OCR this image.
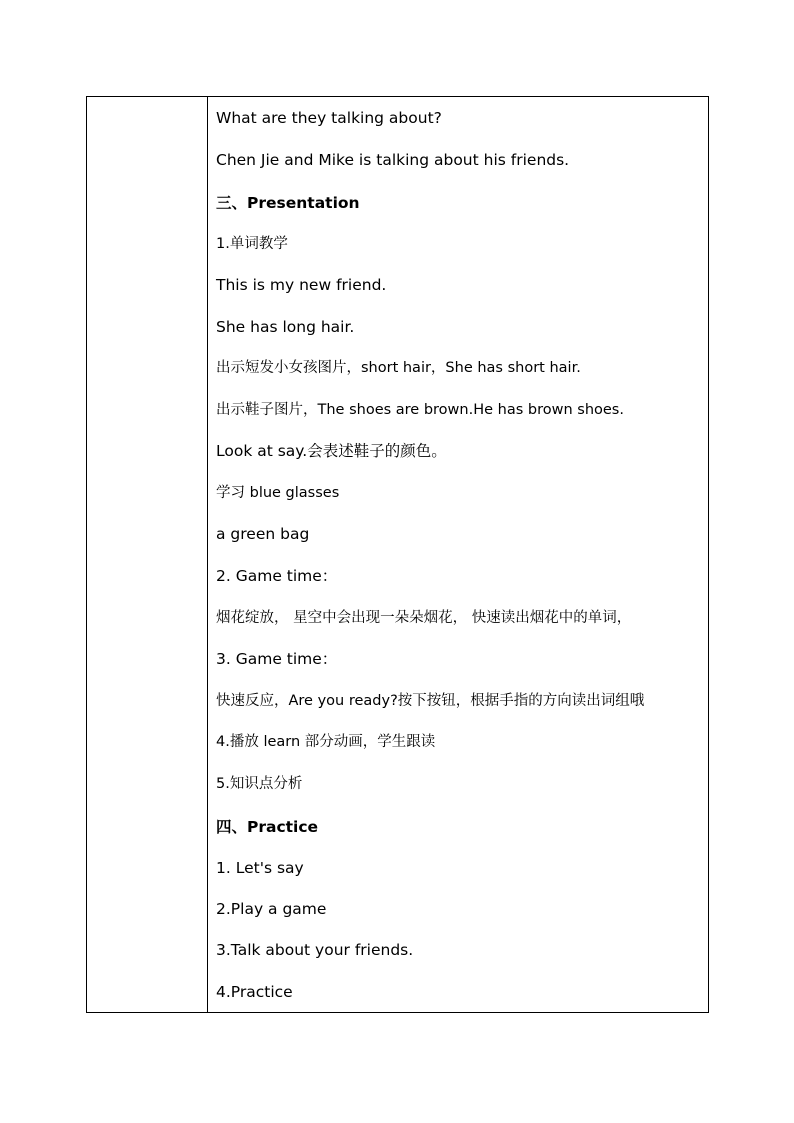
What are they talking about?
Chen Jie and Mike is talking about his friends.
三、Presentation
1.单词教学
This is my new friend.
She has long hair.
出示短发小女孩图片，short hair，She has short hair.
出示鞋子图片，The shoes are brown.He has brown shoes.
Look at say.会表述鞋子的颜色。
学习 blue glasses
a green bag
2. Game time：
烟花绽放， 星空中会出现一朵朵烟花， 快速读出烟花中的单词，
3. Game time：
快速反应，Are you ready?按下按钮，根据手指的方向读出词组哦
4.播放 learn 部分动画，学生跟读
5.知识点分析
四、Practice
1. Let's say
2.Play a game
3.Talk about your friends.
4.Practice
